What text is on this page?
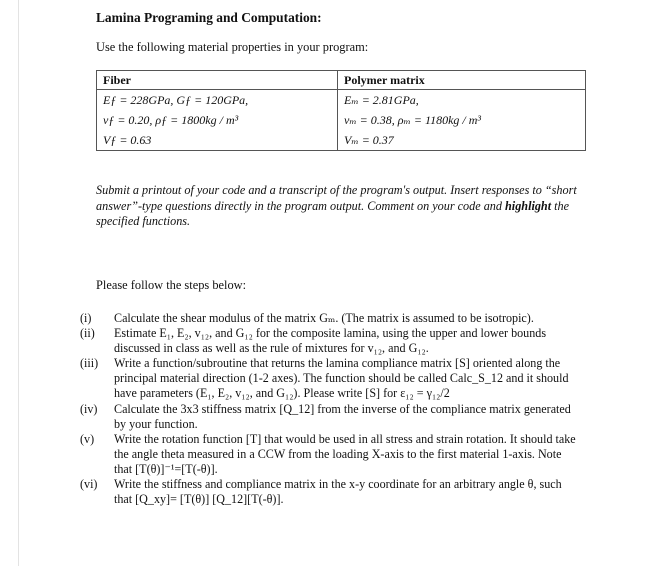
Lamina Programing and Computation:

Use the following material properties in your program:

Fiber	Polymer matrix
Eƒ = 228GPa, Gƒ = 120GPa,	Eₘ = 2.81GPa,
vƒ = 0.20, ρƒ = 1800kg / m³	vₘ = 0.38, ρₘ = 1180kg / m³
Vƒ = 0.63	Vₘ = 0.37

Submit a printout of your code and a transcript of the program's output. Insert responses to “short answer”-type questions directly in the program output. Comment on your code and highlight the specified functions.

Please follow the steps below:

(i)	Calculate the shear modulus of the matrix Gₘ. (The matrix is assumed to be isotropic).
(ii)	Estimate E₁, E₂, v₁₂, and G₁₂ for the composite lamina, using the upper and lower bounds discussed in class as well as the rule of mixtures for v₁₂, and G₁₂.
(iii)	Write a function/subroutine that returns the lamina compliance matrix [S] oriented along the principal material direction (1-2 axes). The function should be called Calc_S_12 and it should have parameters (E₁, E₂, v₁₂, and G₁₂). Please write [S] for ε₁₂ = γ₁₂/2
(iv)	Calculate the 3x3 stiffness matrix [Q_12] from the inverse of the compliance matrix generated by your function.
(v)	Write the rotation function [T] that would be used in all stress and strain rotation. It should take the angle theta measured in a CCW from the loading X-axis to the first material 1-axis. Note that [T(θ)]⁻¹=[T(-θ)].
(vi)	Write the stiffness and compliance matrix in the x-y coordinate for an arbitrary angle θ, such that [Q_xy]= [T(θ)] [Q_12][T(-θ)].
